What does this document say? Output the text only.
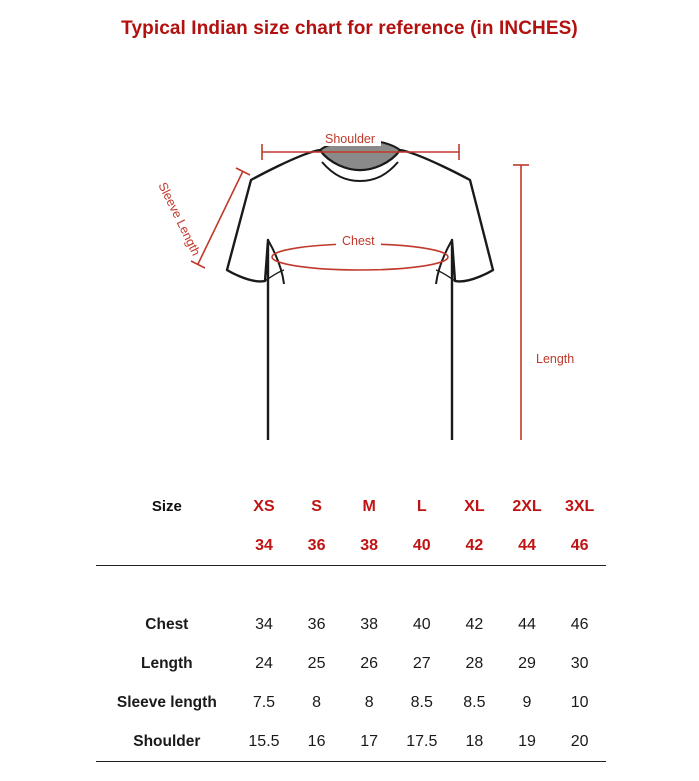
Typical Indian size chart for reference (in INCHES)
Shoulder
Sleeve Length	Chest
Length
Size	XS	S	M	L	XL	2XL	3XL
	34	36	38	40	42	44	46

Chest	34	36	38	40	42	44	46
Length	24	25	26	27	28	29	30
Sleeve length	7.5	8	8	8.5	8.5	9	10
Shoulder	15.5	16	17	17.5	18	19	20
